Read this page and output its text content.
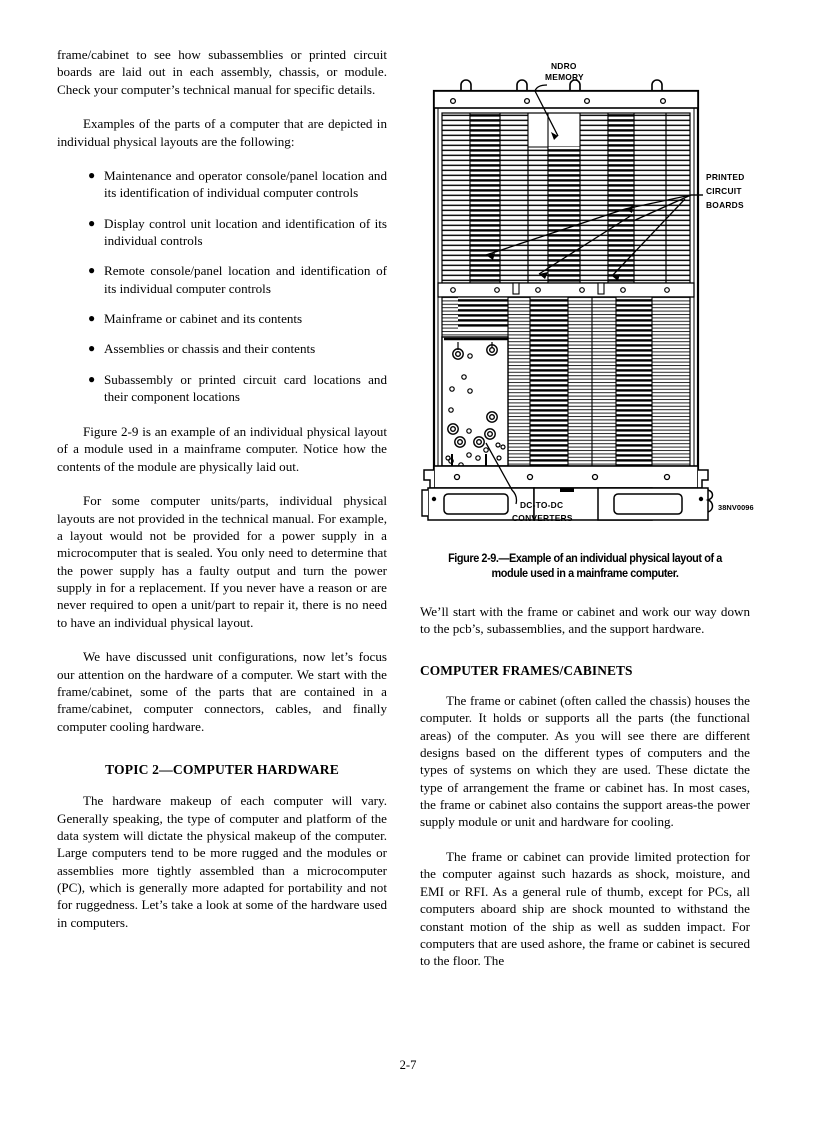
frame/cabinet to see how subassemblies or printed circuit boards are laid out in each assembly, chassis, or module. Check your computer’s technical manual for specific details.

Examples of the parts of a computer that are depicted in individual physical layouts are the following:

● Maintenance and operator console/panel location and its identification of individual computer controls
● Display control unit location and identification of its individual controls
● Remote console/panel location and identification of its individual computer controls
● Mainframe or cabinet and its contents
● Assemblies or chassis and their contents
● Subassembly or printed circuit card locations and their component locations

Figure 2-9 is an example of an individual physical layout of a module used in a mainframe computer. Notice how the contents of the module are physically laid out.

For some computer units/parts, individual physical layouts are not provided in the technical manual. For example, a layout would not be provided for a power supply in a microcomputer that is sealed. You only need to determine that the power supply has a faulty output and turn the power supply in for a replacement. If you never have a reason or are never required to open a unit/part to repair it, there is no need to have an individual physical layout.

We have discussed unit configurations, now let’s focus our attention on the hardware of a computer. We start with the frame/cabinet, some of the parts that are contained in a frame/cabinet, computer connectors, cables, and finally computer cooling hardware.

TOPIC 2—COMPUTER HARDWARE

The hardware makeup of each computer will vary. Generally speaking, the type of computer and platform of the data system will dictate the physical makeup of the computer. Large computers tend to be more rugged and the modules or assemblies more tightly assembled than a microcomputer (PC), which is generally more adapted for portability and not for ruggedness. Let’s take a look at some of the hardware used in computers.

NDRO
MEMORY
PRINTED
CIRCUIT
BOARDS
DC-TO-DC
CONVERTERS
38NV0096
Figure 2-9.—Example of an individual physical layout of a
module used in a mainframe computer.

We’ll start with the frame or cabinet and work our way down to the pcb’s, subassemblies, and the support hardware.

COMPUTER FRAMES/CABINETS

The frame or cabinet (often called the chassis) houses the computer. It holds or supports all the parts (the functional areas) of the computer. As you will see there are different designs based on the different types of computers and the types of systems on which they are used. These dictate the type of arrangement the frame or cabinet has. In most cases, the frame or cabinet also contains the support areas-the power supply module or unit and hardware for cooling.

The frame or cabinet can provide limited protection for the computer against such hazards as shock, moisture, and EMI or RFI. As a general rule of thumb, except for PCs, all computers aboard ship are shock mounted to withstand the constant motion of the ship as well as sudden impact. For computers that are used ashore, the frame or cabinet is secured to the floor. The

2-7
